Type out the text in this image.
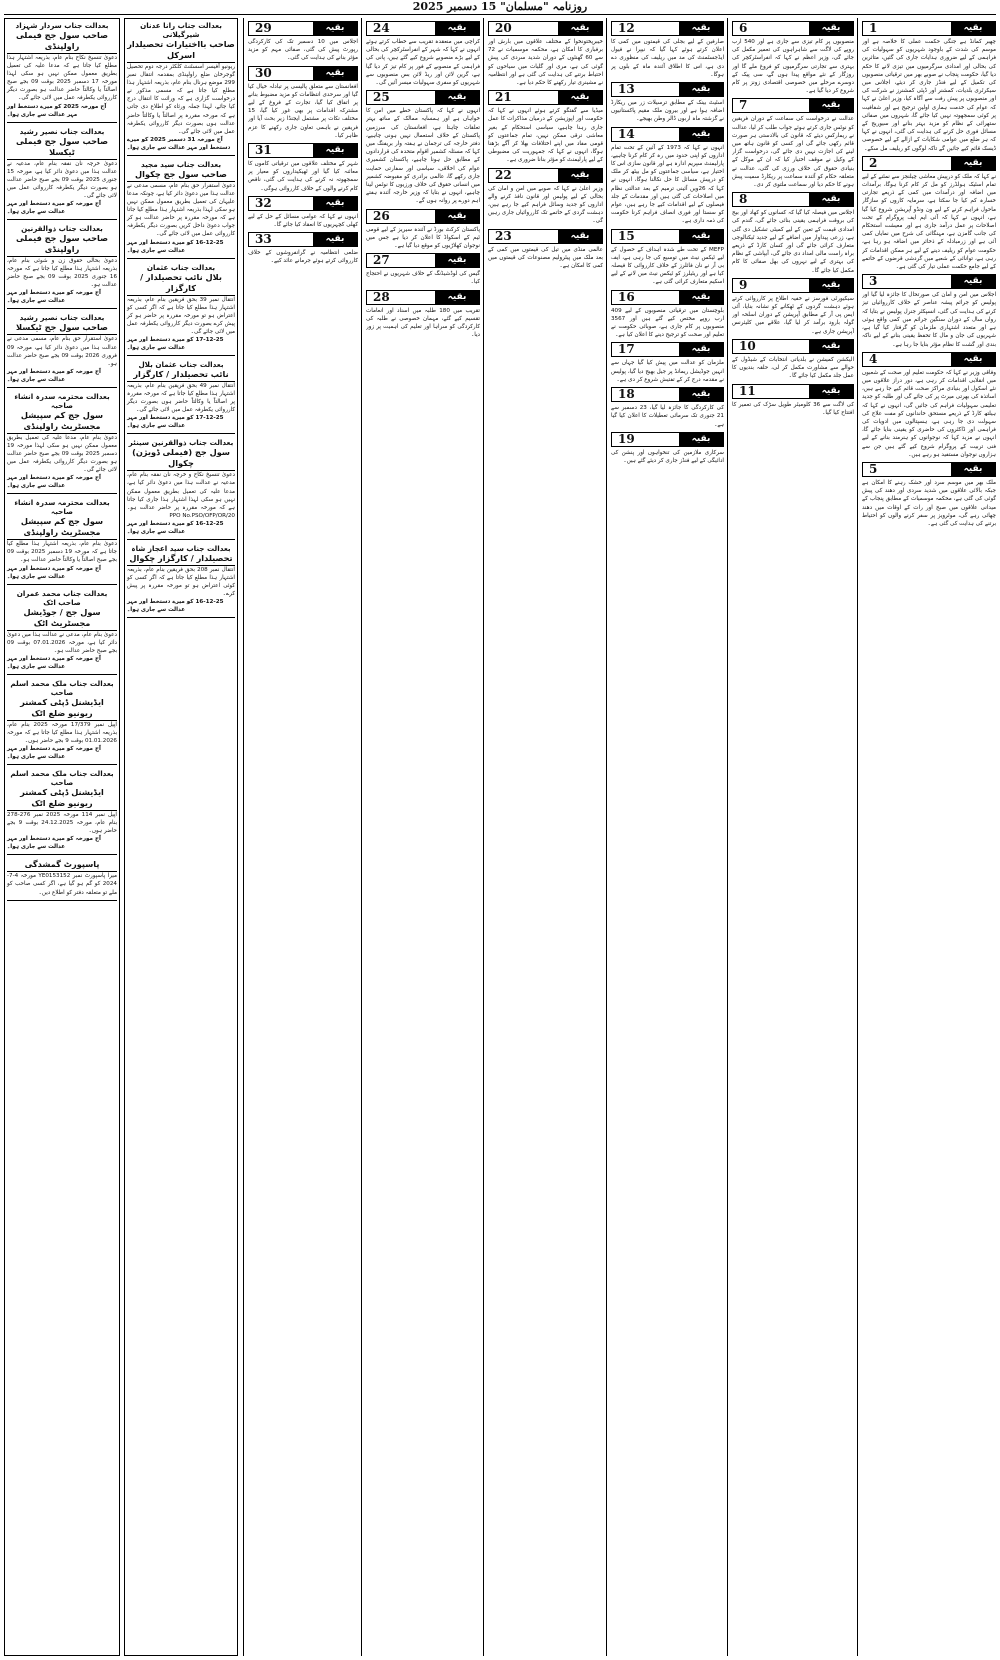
روزنامہ "مسلمان" 15 دسمبر 2025
بقیہ
1

چھبر کمانڈ ہے جنگی حکمت عملی کا خلاصہ ہے اور موسم کی شدت کے باوجود شہریوں کو سہولیات کی فراہمی کے لیے ضروری ہدایات جاری کی گئیں، متاثرین کی بحالی اور امدادی سرگرمیوں میں تیزی لانے کا حکم دیا گیا، حکومت پنجاب نے صوبے بھر میں ترقیاتی منصوبوں کی تکمیل کے لیے فنڈز جاری کر دیئے، اجلاس میں سیکرٹری بلدیات، کمشنر اور ڈپٹی کمشنرز نے شرکت کی اور منصوبوں پر پیش رفت سے آگاہ کیا، وزیر اعلیٰ نے کہا کہ عوام کی خدمت ہماری اولین ترجیح ہے اور شفافیت پر کوئی سمجھوتہ نہیں کیا جائے گا، شہروں میں صفائی ستھرائی کے نظام کو مزید بہتر بنانے اور سیوریج کے مسائل فوری حل کرنے کی ہدایت کی گئی، انہوں نے کہا کہ ہر ضلع میں عوامی شکایات کے ازالے کے لیے خصوصی ڈیسک قائم کیے جائیں گے تاکہ لوگوں کو ریلیف مل سکے۔

بقیہ
2

نے کہا کہ ملک کو درپیش معاشی چیلنجز سے نمٹنے کے لیے تمام اسٹیک ہولڈرز کو مل کر کام کرنا ہوگا، برآمدات میں اضافہ اور درآمدات میں کمی کے ذریعے تجارتی خسارہ کم کیا جا سکتا ہے، سرمایہ کاروں کو سازگار ماحول فراہم کرنے کے لیے ون ونڈو آپریشن شروع کیا گیا ہے، انہوں نے کہا کہ آئی ایم ایف پروگرام کے تحت اصلاحات پر عمل درآمد جاری ہے اور معیشت استحکام کی جانب گامزن ہے، مہنگائی کی شرح میں نمایاں کمی آئی ہے اور زرمبادلہ کے ذخائر میں اضافہ ہو رہا ہے، حکومت عوام کو ریلیف دینے کے لیے ہر ممکن اقدامات کر رہی ہے، توانائی کے شعبے میں گردشی قرضوں کے خاتمے کے لیے جامع حکمت عملی تیار کی گئی ہے۔

بقیہ
3

اجلاس میں امن و امان کی صورتحال کا جائزہ لیا گیا اور پولیس کو جرائم پیشہ عناصر کے خلاف کارروائیاں تیز کرنے کی ہدایت کی گئی، انسپکٹر جنرل پولیس نے بتایا کہ رواں سال کے دوران سنگین جرائم میں کمی واقع ہوئی ہے اور متعدد اشتہاری ملزمان کو گرفتار کیا گیا ہے، شہریوں کی جان و مال کا تحفظ یقینی بنانے کے لیے ناکہ بندی اور گشت کا نظام مؤثر بنایا جا رہا ہے۔

بقیہ
4

وفاقی وزیر نے کہا کہ حکومت تعلیم اور صحت کے شعبوں میں انقلابی اقدامات کر رہی ہے، دور دراز علاقوں میں نئے اسکول اور بنیادی مراکز صحت قائم کیے جا رہے ہیں، اساتذہ کی بھرتی میرٹ پر کی جائے گی اور طلبہ کو جدید تعلیمی سہولیات فراہم کی جائیں گی، انہوں نے کہا کہ ہیلتھ کارڈ کے ذریعے مستحق خاندانوں کو مفت علاج کی سہولت دی جا رہی ہے، ہسپتالوں میں ادویات کی فراہمی اور ڈاکٹروں کی حاضری کو یقینی بنایا جائے گا، انہوں نے مزید کہا کہ نوجوانوں کو ہنرمند بنانے کے لیے فنی تربیت کے پروگرام شروع کیے گئے ہیں جن سے ہزاروں نوجوان مستفید ہو رہے ہیں۔

بقیہ
5

ملک بھر میں موسم سرد اور خشک رہنے کا امکان ہے جبکہ بالائی علاقوں میں شدید سردی اور دھند کی پیش گوئی کی گئی ہے، محکمہ موسمیات کے مطابق پنجاب کے میدانی علاقوں میں صبح اور رات کے اوقات میں دھند چھائی رہے گی، موٹرویز پر سفر کرنے والوں کو احتیاط برتنے کی ہدایت کی گئی ہے۔

بقیہ
6

منصوبوں پر کام تیزی سے جاری ہے اور 540 ارب روپے کی لاگت سے شاہراہوں کی تعمیر مکمل کی جائے گی، وزیر اعظم نے کہا کہ انفراسٹرکچر کی بہتری سے تجارتی سرگرمیوں کو فروغ ملے گا اور روزگار کے نئے مواقع پیدا ہوں گے، سی پیک کے دوسرے مرحلے میں خصوصی اقتصادی زونز پر کام شروع کر دیا گیا ہے۔

بقیہ
7

عدالت نے درخواست کی سماعت کے دوران فریقین کو نوٹس جاری کرتے ہوئے جواب طلب کر لیا، عدالت نے ریمارکس دیئے کہ قانون کی بالادستی ہر صورت قائم رکھی جائے گی اور کسی کو قانون ہاتھ میں لینے کی اجازت نہیں دی جائے گی، درخواست گزار کے وکیل نے موقف اختیار کیا کہ ان کے موکل کے بنیادی حقوق کی خلاف ورزی کی گئی، عدالت نے متعلقہ حکام کو آئندہ سماعت پر ریکارڈ سمیت پیش ہونے کا حکم دیا اور سماعت ملتوی کر دی۔

بقیہ
8

اجلاس میں فیصلہ کیا گیا کہ کسانوں کو کھاد اور بیج کی بروقت فراہمی یقینی بنائی جائے گی، گندم کی امدادی قیمت کے تعین کے لیے کمیٹی تشکیل دی گئی ہے، زرعی پیداوار میں اضافے کے لیے جدید ٹیکنالوجی متعارف کرائی جائے گی اور کسان کارڈ کے ذریعے براہ راست مالی امداد دی جائے گی، آبپاشی کے نظام کی بہتری کے لیے نہروں کی بھل صفائی کا کام مکمل کیا جائے گا۔

بقیہ
9

سیکیورٹی فورسز نے خفیہ اطلاع پر کارروائی کرتے ہوئے دہشت گردوں کے ٹھکانے کو نشانہ بنایا، آئی ایس پی آر کے مطابق آپریشن کے دوران اسلحہ اور گولہ بارود برآمد کر لیا گیا، علاقے میں کلیئرنس آپریشن جاری ہے۔

بقیہ
10

الیکشن کمیشن نے بلدیاتی انتخابات کے شیڈول کے حوالے سے مشاورت مکمل کر لی، حلقہ بندیوں کا عمل جلد مکمل کیا جائے گا۔

بقیہ
11

کی لاگت سے 36 کلومیٹر طویل سڑک کی تعمیر کا افتتاح کیا گیا۔

بقیہ
12

صارفین کے لیے بجلی کی قیمتوں میں کمی کا اعلان کرتے ہوئے کہا گیا کہ نیپرا نے فیول ایڈجسٹمنٹ کی مد میں ریلیف کی منظوری دے دی ہے، اس کا اطلاق آئندہ ماہ کے بلوں پر ہوگا۔

بقیہ
13

اسٹیٹ بینک کے مطابق ترسیلات زر میں ریکارڈ اضافہ ہوا ہے اور بیرون ملک مقیم پاکستانیوں نے گزشتہ ماہ اربوں ڈالر وطن بھیجے۔

بقیہ
14

انہوں نے کہا کہ 1973 کے آئین کے تحت تمام اداروں کو اپنی حدود میں رہ کر کام کرنا چاہیے، پارلیمنٹ سپریم ادارہ ہے اور قانون سازی اس کا اختیار ہے، سیاسی جماعتوں کو مل بیٹھ کر ملک کو درپیش مسائل کا حل نکالنا ہوگا، انہوں نے کہا کہ 26ویں آئینی ترمیم کے بعد عدالتی نظام میں اصلاحات کی گئی ہیں اور مقدمات کے جلد فیصلوں کے لیے اقدامات کیے جا رہے ہیں، عوام کو سستا اور فوری انصاف فراہم کرنا حکومت کی ذمہ داری ہے۔

بقیہ
15

MEFP کے تحت طے شدہ اہداف کے حصول کے لیے ٹیکس نیٹ میں توسیع کی جا رہی ہے، ایف بی آر نے نان فائلرز کے خلاف کارروائی کا فیصلہ کیا ہے اور ریٹیلرز کو ٹیکس نیٹ میں لانے کے لیے اسکیم متعارف کرائی گئی ہے۔

بقیہ
16

بلوچستان میں ترقیاتی منصوبوں کے لیے 409 ارب روپے مختص کیے گئے ہیں اور 3567 منصوبوں پر کام جاری ہے، صوبائی حکومت نے تعلیم اور صحت کو ترجیح دینے کا اعلان کیا ہے۔

بقیہ
17

ملزمان کو عدالت میں پیش کیا گیا جہاں سے انہیں جوڈیشل ریمانڈ پر جیل بھیج دیا گیا، پولیس نے مقدمہ درج کر کے تفتیش شروع کر دی ہے۔

بقیہ
18

کی کارکردگی کا جائزہ لیا گیا، 23 دسمبر سے 21 جنوری تک سرمائی تعطیلات کا اعلان کیا گیا ہے۔

بقیہ
19

سرکاری ملازمین کی تنخواہوں اور پنشن کی ادائیگی کے لیے فنڈز جاری کر دیئے گئے ہیں۔

بقیہ
20

خیبرپختونخوا کے مختلف علاقوں میں بارش اور برفباری کا امکان ہے، محکمہ موسمیات نے 72 سے 60 گھنٹوں کے دوران شدید سردی کی پیش گوئی کی ہے، مری اور گلیات میں سیاحوں کو احتیاط برتنے کی ہدایت کی گئی ہے اور انتظامیہ نے مشینری تیار رکھنے کا حکم دیا ہے۔

بقیہ
21

میڈیا سے گفتگو کرتے ہوئے انہوں نے کہا کہ حکومت اور اپوزیشن کے درمیان مذاکرات کا عمل جاری رہنا چاہیے، سیاسی استحکام کے بغیر معاشی ترقی ممکن نہیں، تمام جماعتوں کو قومی مفاد میں اپنے اختلافات بھلا کر آگے بڑھنا ہوگا، انہوں نے کہا کہ جمہوریت کی مضبوطی کے لیے پارلیمنٹ کو مؤثر بنانا ضروری ہے۔

بقیہ
22

وزیر اعلیٰ نے کہا کہ صوبے میں امن و امان کی بحالی کے لیے پولیس اور قانون نافذ کرنے والے اداروں کو جدید وسائل فراہم کیے جا رہے ہیں، دہشت گردی کے خاتمے تک کارروائیاں جاری رہیں گی۔

بقیہ
23

عالمی منڈی میں تیل کی قیمتوں میں کمی کے بعد ملک میں پیٹرولیم مصنوعات کی قیمتوں میں کمی کا امکان ہے۔

بقیہ
24

کراچی میں منعقدہ تقریب سے خطاب کرتے ہوئے انہوں نے کہا کہ شہر کے انفراسٹرکچر کی بحالی کے لیے بڑے منصوبے شروع کیے گئے ہیں، پانی کی فراہمی کے منصوبے کے فور پر کام تیز کر دیا گیا ہے، گرین لائن اور ریڈ لائن بس منصوبوں سے شہریوں کو سفری سہولیات میسر آئیں گی۔

بقیہ
25

انہوں نے کہا کہ پاکستان خطے میں امن کا خواہاں ہے اور ہمسایہ ممالک کے ساتھ بہتر تعلقات چاہتا ہے، افغانستان کی سرزمین پاکستان کے خلاف استعمال نہیں ہونی چاہیے، دفتر خارجہ کی ترجمان نے ہفتہ وار بریفنگ میں کہا کہ مسئلہ کشمیر اقوام متحدہ کی قراردادوں کے مطابق حل ہونا چاہیے، پاکستان کشمیری عوام کی اخلاقی، سیاسی اور سفارتی حمایت جاری رکھے گا، عالمی برادری کو مقبوضہ کشمیر میں انسانی حقوق کی خلاف ورزیوں کا نوٹس لینا چاہیے، انہوں نے بتایا کہ وزیر خارجہ آئندہ ہفتے اہم دورے پر روانہ ہوں گے۔

بقیہ
26

پاکستان کرکٹ بورڈ نے آئندہ سیریز کے لیے قومی ٹیم کے اسکواڈ کا اعلان کر دیا ہے جس میں نوجوان کھلاڑیوں کو موقع دیا گیا ہے۔

بقیہ
27

گیس کی لوڈشیڈنگ کے خلاف شہریوں نے احتجاج کیا۔

بقیہ
28

تقریب میں 180 طلبہ میں اسناد اور انعامات تقسیم کیے گئے، مہمان خصوصی نے طلبہ کی کارکردگی کو سراہا اور تعلیم کی اہمیت پر زور دیا۔

بقیہ
29

اجلاس میں 10 دسمبر تک کی کارکردگی رپورٹ پیش کی گئی، صفائی مہم کو مزید مؤثر بنانے کی ہدایت کی گئی۔

بقیہ
30

افغانستان سے متعلق پالیسی پر تبادلہ خیال کیا گیا اور سرحدی انتظامات کو مزید مضبوط بنانے پر اتفاق کیا گیا، تجارت کے فروغ کے لیے مشترکہ اقدامات پر بھی غور کیا گیا، 15 مختلف نکات پر مشتمل ایجنڈا زیر بحث آیا اور فریقین نے باہمی تعاون جاری رکھنے کا عزم ظاہر کیا۔

بقیہ
31

شہر کے مختلف علاقوں میں ترقیاتی کاموں کا معائنہ کیا گیا اور ٹھیکیداروں کو معیار پر سمجھوتہ نہ کرنے کی ہدایت کی گئی، ناقص کام کرنے والوں کے خلاف کارروائی ہوگی۔

بقیہ
32

انہوں نے کہا کہ عوامی مسائل کے حل کے لیے کھلی کچہریوں کا انعقاد کیا جائے گا۔

بقیہ
33

ضلعی انتظامیہ نے گرانفروشوں کے خلاف کارروائی کرتے ہوئے جرمانے عائد کیے۔

بعدالت جناب رانا عدنان شیرگیلانی
صاحب بااختیارات تحصیلدار اسرکل
ریونیو آفیسر اسسٹنٹ کلکٹر درجہ دوم تحصیل گوجرخان ضلع راولپنڈی بمقدمہ انتقال نمبر 299 موضع ہرنال بنام عام، بذریعہ اشتہار ہذا مطلع کیا جاتا ہے کہ مسمی مذکور نے درخواست گزاری ہے کہ وراثت کا انتقال درج کیا جائے، لہذا جملہ ورثاء کو اطلاع دی جاتی ہے کہ مورخہ مقررہ پر اصالتاً یا وکالتاً حاضر عدالت ہوں بصورت دیگر کارروائی یکطرفہ عمل میں لائی جائے گی۔
آج مورخہ 31 دسمبر 2025 کو میرے دستخط اور مہر عدالت سے جاری ہوا۔
بعدالت جناب سید مجید
صاحب سول جج چکوال
دعویٰ استقرار حق بنام عام، مسمی مدعی نے عدالت ہذا میں دعویٰ دائر کیا ہے، چونکہ مدعا علیہان کی تعمیل بطریق معمول ممکن نہیں ہو سکی لہذا بذریعہ اشتہار ہذا مطلع کیا جاتا ہے کہ مورخہ مقررہ پر حاضر عدالت ہو کر جواب دعویٰ داخل کریں بصورت دیگر یکطرفہ کارروائی عمل میں لائی جائے گی۔
16-12-25 کو میرے دستخط اور مہر عدالت سے جاری ہوا۔
بعدالت جناب عثمان
بلال نائب تحصیلدار / کارگزار
انتقال نمبر 39 بحق فریقین بنام عام، بذریعہ اشتہار ہذا مطلع کیا جاتا ہے کہ اگر کسی کو اعتراض ہو تو مورخہ مقررہ پر حاضر ہو کر پیش کرے بصورت دیگر کارروائی یکطرفہ عمل میں لائی جائے گی۔
17-12-25 کو میرے دستخط اور مہر عدالت سے جاری ہوا۔
بعدالت جناب عثمان بلال
نائب تحصیلدار / کارگزار
انتقال نمبر 49 بحق فریقین بنام عام، بذریعہ اشتہار ہذا مطلع کیا جاتا ہے کہ مورخہ مقررہ پر اصالتاً یا وکالتاً حاضر ہوں بصورت دیگر کارروائی یکطرفہ عمل میں لائی جائے گی۔
17-12-25 کو میرے دستخط اور مہر عدالت سے جاری ہوا۔
بعدالت جناب ذوالقرنین سینئر
سول جج (فیملی ڈویژن) چکوال
دعویٰ تنسیخ نکاح و خرچہ نان نفقہ بنام عام، مدعیہ نے عدالت ہذا میں دعویٰ دائر کیا ہے، مدعا علیہ کی تعمیل بطریق معمول ممکن نہیں ہو سکی لہذا اشتہار ہذا جاری کیا جاتا ہے کہ مورخہ مقررہ پر حاضر عدالت ہو۔ PPO No.PSO/OFP/OR/20
16-12-25 کو میرے دستخط اور مہر عدالت سے جاری ہوا۔
بعدالت جناب سید اعجاز شاہ
تحصیلدار / کارگزار چکوال
انتقال نمبر 208 بحق فریقین بنام عام، بذریعہ اشتہار ہذا مطلع کیا جاتا ہے کہ اگر کسی کو کوئی اعتراض ہو تو مورخہ مقررہ پر پیش کرے۔
16-12-25 کو میرے دستخط اور مہر عدالت سے جاری ہوا۔
بعدالت جناب سردار شہزاد
صاحب سول جج فیملی راولپنڈی
دعویٰ تنسیخ نکاح بنام عام، بذریعہ اشتہار ہذا مطلع کیا جاتا ہے کہ مدعا علیہ کی تعمیل بطریق معمول ممکن نہیں ہو سکی لہذا مورخہ 17 دسمبر 2025 بوقت 09 بجے صبح اصالتاً یا وکالتاً حاضر عدالت ہو بصورت دیگر کارروائی یکطرفہ عمل میں لائی جائے گی۔
آج مورخہ 2025 کو میرے دستخط اور مہر عدالت سے جاری ہوا۔
بعدالت جناب نصیر رشید
صاحب سول جج فیملی ٹیکسلا
دعویٰ خرچہ نان نفقہ بنام عام، مدعیہ نے عدالت ہذا میں دعویٰ دائر کیا ہے، مورخہ 15 جنوری 2025 بوقت 09 بجے صبح حاضر عدالت ہو بصورت دیگر یکطرفہ کارروائی عمل میں لائی جائے گی۔
آج مورخہ کو میرے دستخط اور مہر عدالت سے جاری ہوا۔
بعدالت جناب ذوالقرنین
صاحب سول جج فیملی راولپنڈی
دعویٰ بحالی حقوق زن و شوئی بنام عام، بذریعہ اشتہار ہذا مطلع کیا جاتا ہے کہ مورخہ 16 جنوری 2025 بوقت 09 بجے صبح حاضر عدالت ہو۔
آج مورخہ کو میرے دستخط اور مہر عدالت سے جاری ہوا۔
بعدالت جناب نصیر رشید
صاحب سول جج ٹیکسلا
دعویٰ استقرار حق بنام عام، مسمی مدعی نے عدالت ہذا میں دعویٰ دائر کیا ہے، مورخہ 09 فروری 2026 بوقت 09 بجے صبح حاضر عدالت ہو۔
آج مورخہ کو میرے دستخط اور مہر عدالت سے جاری ہوا۔
بعدالت محترمہ سدرہ انشاء صاحبہ
سول جج کم سپیشل مجسٹریٹ راولپنڈی
دعویٰ بنام عام، مدعا علیہ کی تعمیل بطریق معمول ممکن نہیں ہو سکی لہذا مورخہ 19 دسمبر 2025 بوقت 09 بجے صبح حاضر عدالت ہو بصورت دیگر کارروائی یکطرفہ عمل میں لائی جائے گی۔
آج مورخہ کو میرے دستخط اور مہر عدالت سے جاری ہوا۔
بعدالت محترمہ سدرہ انشاء صاحبہ
سول جج کم سپیشل مجسٹریٹ راولپنڈی
دعویٰ بنام عام، بذریعہ اشتہار ہذا مطلع کیا جاتا ہے کہ مورخہ 19 دسمبر 2025 بوقت 09 بجے صبح اصالتاً یا وکالتاً حاضر عدالت ہو۔
آج مورخہ کو میرے دستخط اور مہر عدالت سے جاری ہوا۔
بعدالت جناب محمد عمران صاحب اٹک
سول جج / جوڈیشل مجسٹریٹ اٹک
دعویٰ بنام عام، مدعی نے عدالت ہذا میں دعویٰ دائر کیا ہے، مورخہ 07.01.2026 بوقت 09 بجے صبح حاضر عدالت ہو۔
آج مورخہ کو میرے دستخط اور مہر عدالت سے جاری ہوا۔
بعدالت جناب ملک محمد اسلم صاحب
ایڈیشنل ڈپٹی کمشنر ریونیو ضلع اٹک
اپیل نمبر 17/379 مورخہ 2025 بنام عام، بذریعہ اشتہار ہذا مطلع کیا جاتا ہے کہ مورخہ 01.01.2026 بوقت 9 بجے حاضر ہوں۔
آج مورخہ کو میرے دستخط اور مہر عدالت سے جاری ہوا۔
بعدالت جناب ملک محمد اسلم صاحب
ایڈیشنل ڈپٹی کمشنر ریونیو ضلع اٹک
اپیل نمبر 114 مورخہ 2025 نمبر 276-278 بنام عام، مورخہ 24.12.2025 بوقت 9 بجے حاضر ہوں۔
آج مورخہ کو میرے دستخط اور مہر عدالت سے جاری ہوا۔
پاسپورٹ گمشدگی
میرا پاسپورٹ نمبر YE0153152 مورخہ 4-7-2024 کو گم ہو گیا ہے، اگر کسی صاحب کو ملے تو متعلقہ دفتر کو اطلاع دیں۔
